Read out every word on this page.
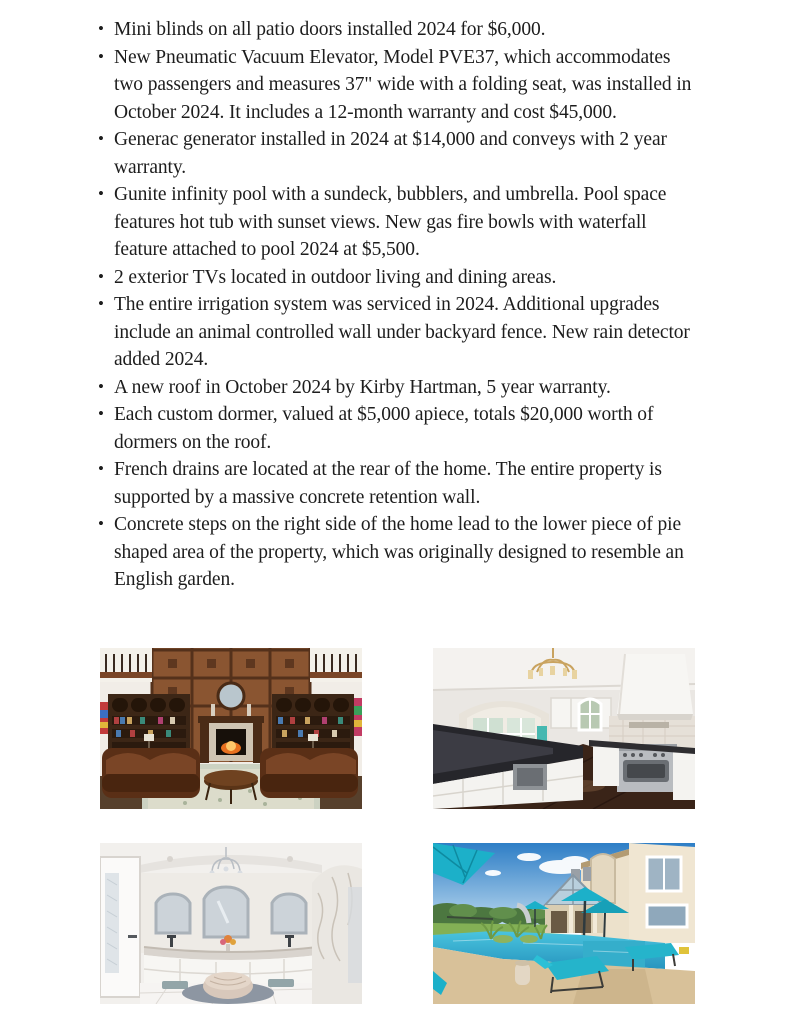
• Mini blinds on all patio doors installed 2024 for $6,000.
• New Pneumatic Vacuum Elevator, Model PVE37, which accommodates two passengers and measures 37" wide with a folding seat, was installed in October 2024. It includes a 12-month warranty and cost $45,000.
• Generac generator installed in 2024 at $14,000 and conveys with 2 year warranty.
• Gunite infinity pool with a sundeck, bubblers, and umbrella. Pool space features hot tub with sunset views. New gas fire bowls with waterfall feature attached to pool 2024 at $5,500.
• 2 exterior TVs located in outdoor living and dining areas.
• The entire irrigation system was serviced in 2024. Additional upgrades include an animal controlled wall under backyard fence. New rain detector added 2024.
• A new roof in October 2024 by Kirby Hartman, 5 year warranty.
• Each custom dormer, valued at $5,000 apiece, totals $20,000 worth of dormers on the roof.
• French drains are located at the rear of the home. The entire property is supported by a massive concrete retention wall.
• Concrete steps on the right side of the home lead to the lower piece of pie shaped area of the property, which was originally designed to resemble an English garden.
